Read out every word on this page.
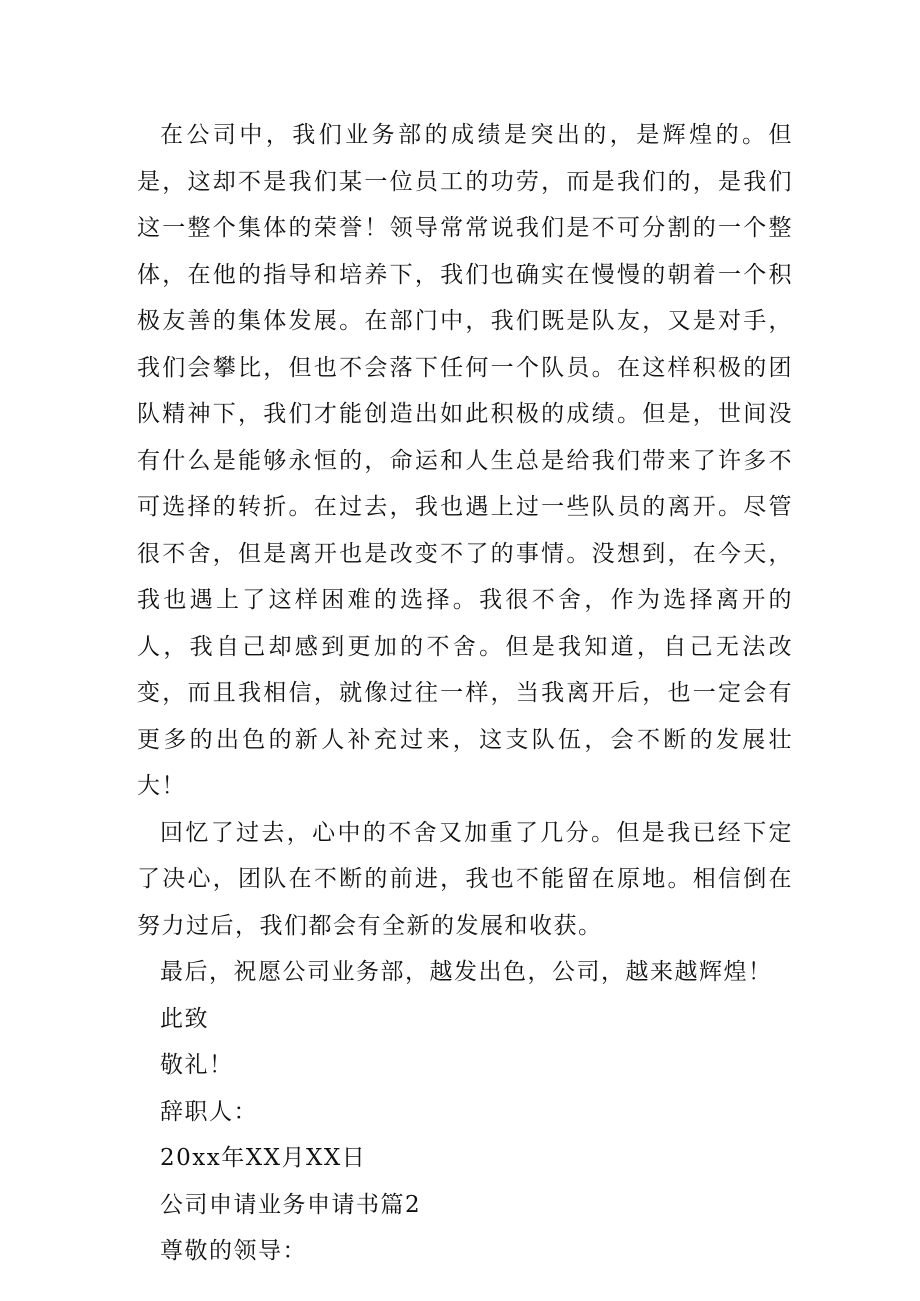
在公司中，我们业务部的成绩是突出的，是辉煌的。但是，这却不是我们某一位员工的功劳，而是我们的，是我们这一整个集体的荣誉！领导常常说我们是不可分割的一个整体，在他的指导和培养下，我们也确实在慢慢的朝着一个积极友善的集体发展。在部门中，我们既是队友，又是对手，我们会攀比，但也不会落下任何一个队员。在这样积极的团队精神下，我们才能创造出如此积极的成绩。但是，世间没有什么是能够永恒的，命运和人生总是给我们带来了许多不可选择的转折。在过去，我也遇上过一些队员的离开。尽管很不舍，但是离开也是改变不了的事情。没想到，在今天，我也遇上了这样困难的选择。我很不舍，作为选择离开的人，我自己却感到更加的不舍。但是我知道，自己无法改变，而且我相信，就像过往一样，当我离开后，也一定会有更多的出色的新人补充过来，这支队伍，会不断的发展壮大！

回忆了过去，心中的不舍又加重了几分。但是我已经下定了决心，团队在不断的前进，我也不能留在原地。相信倒在努力过后，我们都会有全新的发展和收获。

最后，祝愿公司业务部，越发出色，公司，越来越辉煌！

此致

敬礼！

辞职人：

20xx年XX月XX日

公司申请业务申请书篇2

尊敬的领导：
